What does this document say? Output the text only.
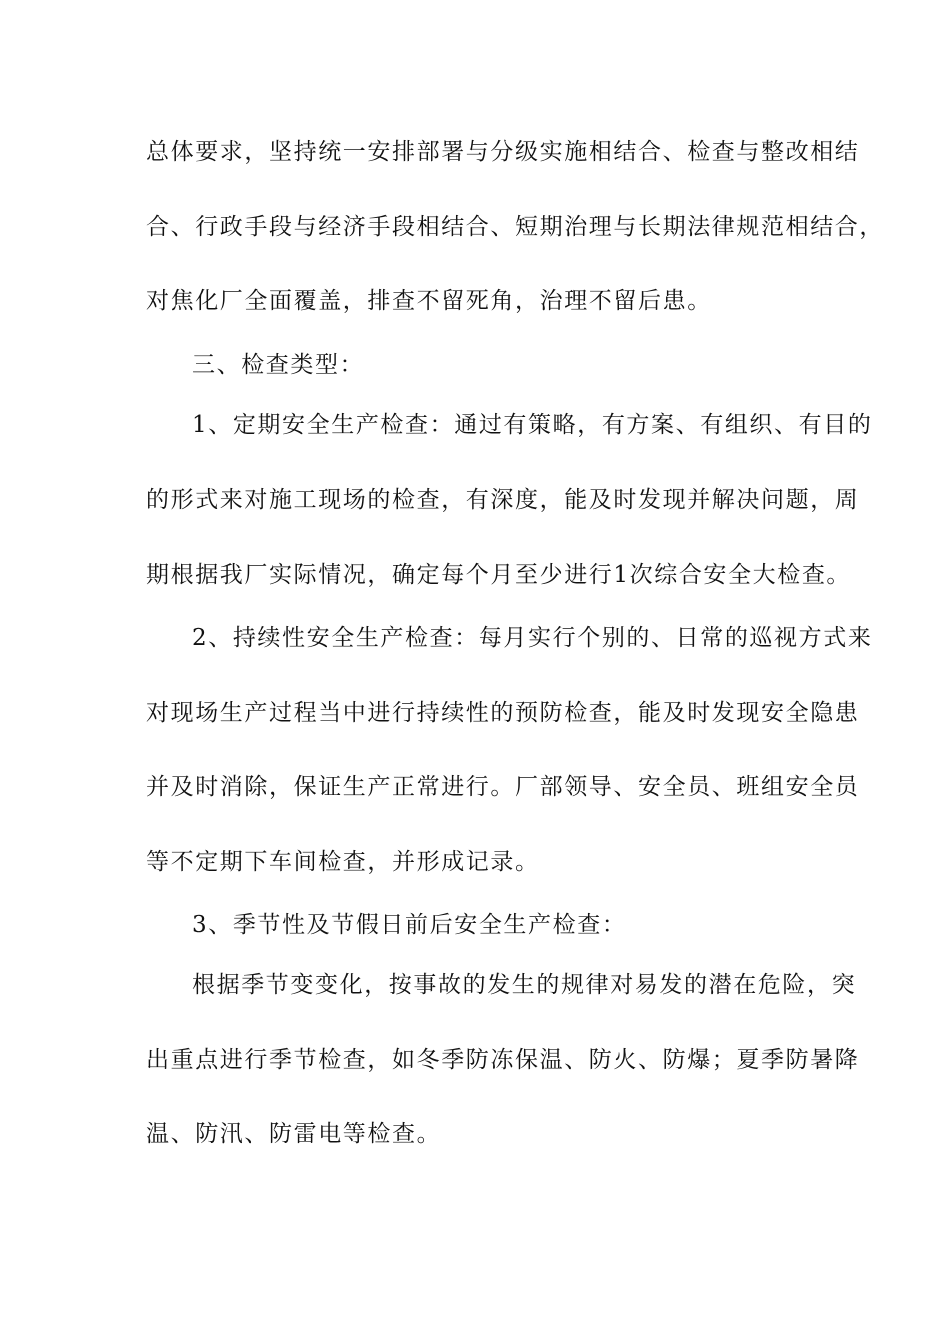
总体要求，坚持统一安排部署与分级实施相结合、检查与整改相结
合、行政手段与经济手段相结合、短期治理与长期法律规范相结合，
对焦化厂全面覆盖，排查不留死角，治理不留后患。
三、检查类型：
1、定期安全生产检查：通过有策略，有方案、有组织、有目的
的形式来对施工现场的检查，有深度，能及时发现并解决问题，周
期根据我厂实际情况，确定每个月至少进行1次综合安全大检查。
2、持续性安全生产检查：每月实行个别的、日常的巡视方式来
对现场生产过程当中进行持续性的预防检查，能及时发现安全隐患
并及时消除，保证生产正常进行。厂部领导、安全员、班组安全员
等不定期下车间检查，并形成记录。
3、季节性及节假日前后安全生产检查：
根据季节变变化，按事故的发生的规律对易发的潜在危险，突
出重点进行季节检查，如冬季防冻保温、防火、防爆；夏季防暑降
温、防汛、防雷电等检查。
